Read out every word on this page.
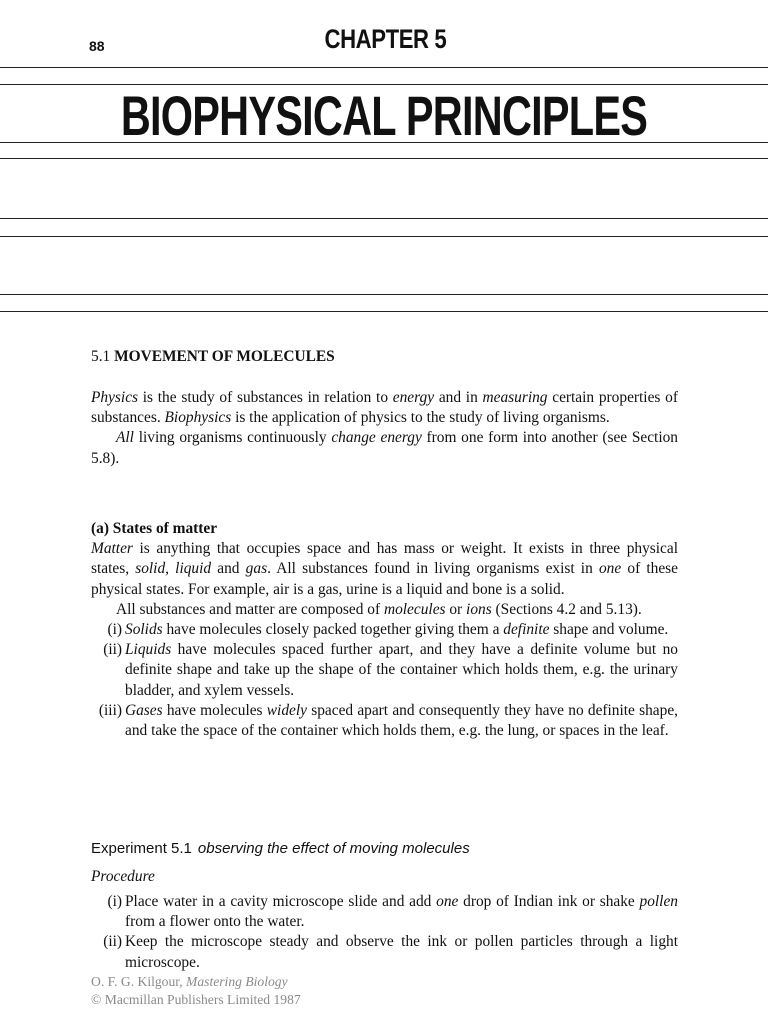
88	CHAPTER 5
BIOPHYSICAL PRINCIPLES
5.1 MOVEMENT OF MOLECULES

Physics is the study of substances in relation to energy and in measuring certain properties of substances. Biophysics is the application of physics to the study of living organisms.

All living organisms continuously change energy from one form into another (see Section 5.8).

(a) States of matter

Matter is anything that occupies space and has mass or weight. It exists in three physical states, solid, liquid and gas. All substances found in living organisms exist in one of these physical states. For example, air is a gas, urine is a liquid and bone is a solid.

All substances and matter are composed of molecules or ions (Sections 4.2 and 5.13).

(i) Solids have molecules closely packed together giving them a definite shape and volume.
(ii) Liquids have molecules spaced further apart, and they have a definite volume but no definite shape and take up the shape of the container which holds them, e.g. the urinary bladder, and xylem vessels.
(iii) Gases have molecules widely spaced apart and consequently they have no definite shape, and take the space of the container which holds them, e.g. the lung, or spaces in the leaf.
Experiment 5.1 observing the effect of moving molecules
Procedure
(i) Place water in a cavity microscope slide and add one drop of Indian ink or shake pollen from a flower onto the water.
(ii) Keep the microscope steady and observe the ink or pollen particles through a light microscope.
O. F. G. Kilgour, Mastering Biology
© Macmillan Publishers Limited 1987
